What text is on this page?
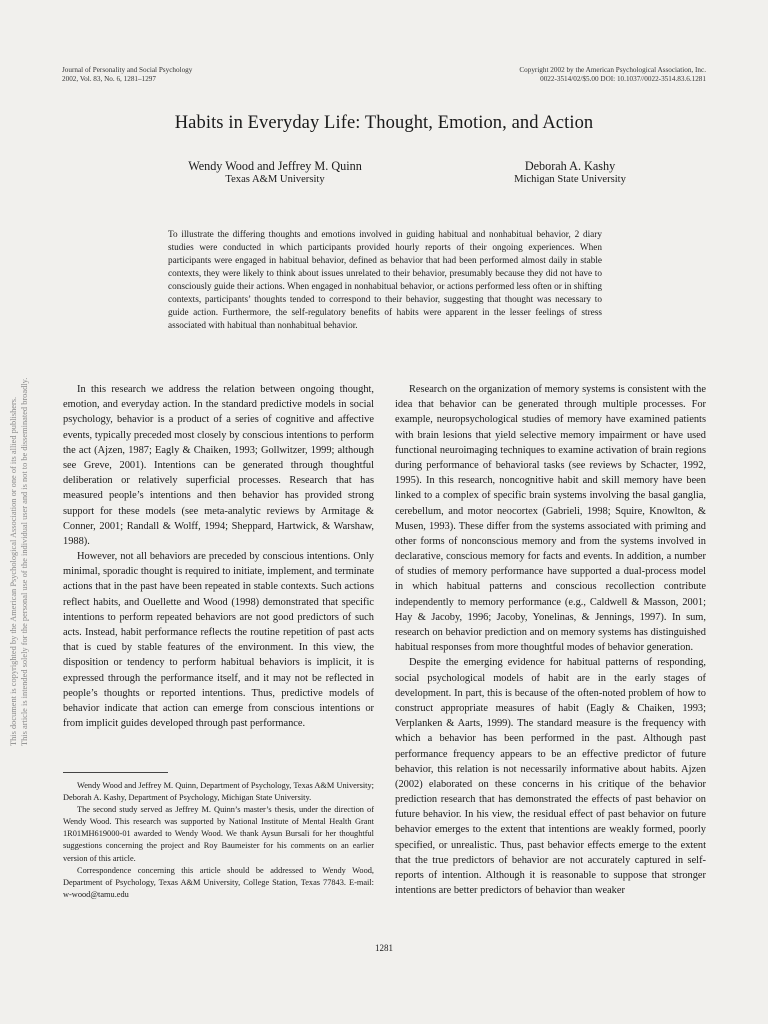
Journal of Personality and Social Psychology
2002, Vol. 83, No. 6, 1281–1297
Copyright 2002 by the American Psychological Association, Inc.
0022-3514/02/$5.00 DOI: 10.1037//0022-3514.83.6.1281
Habits in Everyday Life: Thought, Emotion, and Action
Wendy Wood and Jeffrey M. Quinn
Texas A&M University
Deborah A. Kashy
Michigan State University
To illustrate the differing thoughts and emotions involved in guiding habitual and nonhabitual behavior, 2 diary studies were conducted in which participants provided hourly reports of their ongoing experiences. When participants were engaged in habitual behavior, defined as behavior that had been performed almost daily in stable contexts, they were likely to think about issues unrelated to their behavior, presumably because they did not have to consciously guide their actions. When engaged in nonhabitual behavior, or actions performed less often or in shifting contexts, participants’ thoughts tended to correspond to their behavior, suggesting that thought was necessary to guide action. Furthermore, the self-regulatory benefits of habits were apparent in the lesser feelings of stress associated with habitual than nonhabitual behavior.

In this research we address the relation between ongoing thought, emotion, and everyday action. In the standard predictive models in social psychology, behavior is a product of a series of cognitive and affective events, typically preceded most closely by conscious intentions to perform the act (Ajzen, 1987; Eagly & Chaiken, 1993; Gollwitzer, 1999; although see Greve, 2001). Intentions can be generated through thoughtful deliberation or relatively superficial processes. Research that has measured people’s intentions and then behavior has provided strong support for these models (see meta-analytic reviews by Armitage & Conner, 2001; Randall & Wolff, 1994; Sheppard, Hartwick, & Warshaw, 1988).

However, not all behaviors are preceded by conscious intentions. Only minimal, sporadic thought is required to initiate, implement, and terminate actions that in the past have been repeated in stable contexts. Such actions reflect habits, and Ouellette and Wood (1998) demonstrated that specific intentions to perform repeated behaviors are not good predictors of such acts. Instead, habit performance reflects the routine repetition of past acts that is cued by stable features of the environment. In this view, the disposition or tendency to perform habitual behaviors is implicit, it is expressed through the performance itself, and it may not be reflected in people’s thoughts or reported intentions. Thus, predictive models of behavior indicate that action can emerge from conscious intentions or from implicit guides developed through past performance.

Research on the organization of memory systems is consistent with the idea that behavior can be generated through multiple processes. For example, neuropsychological studies of memory have examined patients with brain lesions that yield selective memory impairment or have used functional neuroimaging techniques to examine activation of brain regions during performance of behavioral tasks (see reviews by Schacter, 1992, 1995). In this research, noncognitive habit and skill memory have been linked to a complex of specific brain systems involving the basal ganglia, cerebellum, and motor neocortex (Gabrieli, 1998; Squire, Knowlton, & Musen, 1993). These differ from the systems associated with priming and other forms of nonconscious memory and from the systems involved in declarative, conscious memory for facts and events. In addition, a number of studies of memory performance have supported a dual-process model in which habitual patterns and conscious recollection contribute independently to memory performance (e.g., Caldwell & Masson, 2001; Hay & Jacoby, 1996; Jacoby, Yonelinas, & Jennings, 1997). In sum, research on behavior prediction and on memory systems has distinguished habitual responses from more thoughtful modes of behavior generation.

Despite the emerging evidence for habitual patterns of responding, social psychological models of habit are in the early stages of development. In part, this is because of the often-noted problem of how to construct appropriate measures of habit (Eagly & Chaiken, 1993; Verplanken & Aarts, 1999). The standard measure is the frequency with which a behavior has been performed in the past. Although past performance frequency appears to be an effective predictor of future behavior, this relation is not necessarily informative about habits. Ajzen (2002) elaborated on these concerns in his critique of the behavior prediction research that has demonstrated the effects of past behavior on future behavior. In his view, the residual effect of past behavior on future behavior emerges to the extent that intentions are weakly formed, poorly specified, or unrealistic. Thus, past behavior effects emerge to the extent that the true predictors of behavior are not accurately captured in self-reports of intention. Although it is reasonable to suppose that stronger intentions are better predictors of behavior than weaker

Wendy Wood and Jeffrey M. Quinn, Department of Psychology, Texas A&M University; Deborah A. Kashy, Department of Psychology, Michigan State University.

The second study served as Jeffrey M. Quinn’s master’s thesis, under the direction of Wendy Wood. This research was supported by National Institute of Mental Health Grant 1R01MH619000-01 awarded to Wendy Wood. We thank Aysun Bursali for her thoughtful suggestions concerning the project and Roy Baumeister for his comments on an earlier version of this article.

Correspondence concerning this article should be addressed to Wendy Wood, Department of Psychology, Texas A&M University, College Station, Texas 77843. E-mail: w-wood@tamu.edu

1281
This document is copyrighted by the American Psychological Association or one of its allied publishers. This article is intended solely for the personal use of the individual user and is not to be disseminated broadly.
